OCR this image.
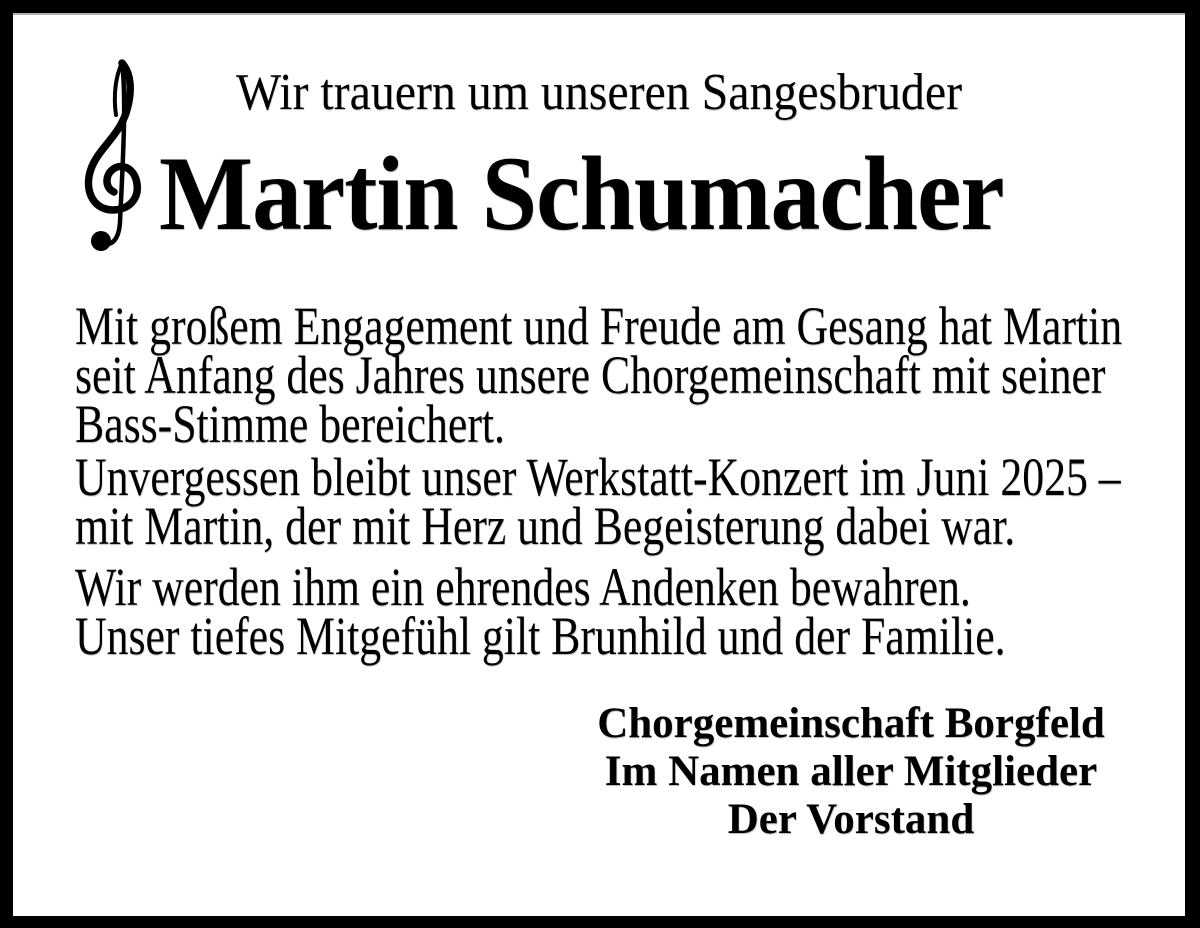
Wir trauern um unseren Sangesbruder
Martin Schumacher
Mit großem Engagement und Freude am Gesang hat Martin
seit Anfang des Jahres unsere Chorgemeinschaft mit seiner
Bass-Stimme bereichert.
Unvergessen bleibt unser Werkstatt-Konzert im Juni 2025 –
mit Martin, der mit Herz und Begeisterung dabei war.
Wir werden ihm ein ehrendes Andenken bewahren.
Unser tiefes Mitgefühl gilt Brunhild und der Familie.
Chorgemeinschaft Borgfeld
Im Namen aller Mitglieder
Der Vorstand
